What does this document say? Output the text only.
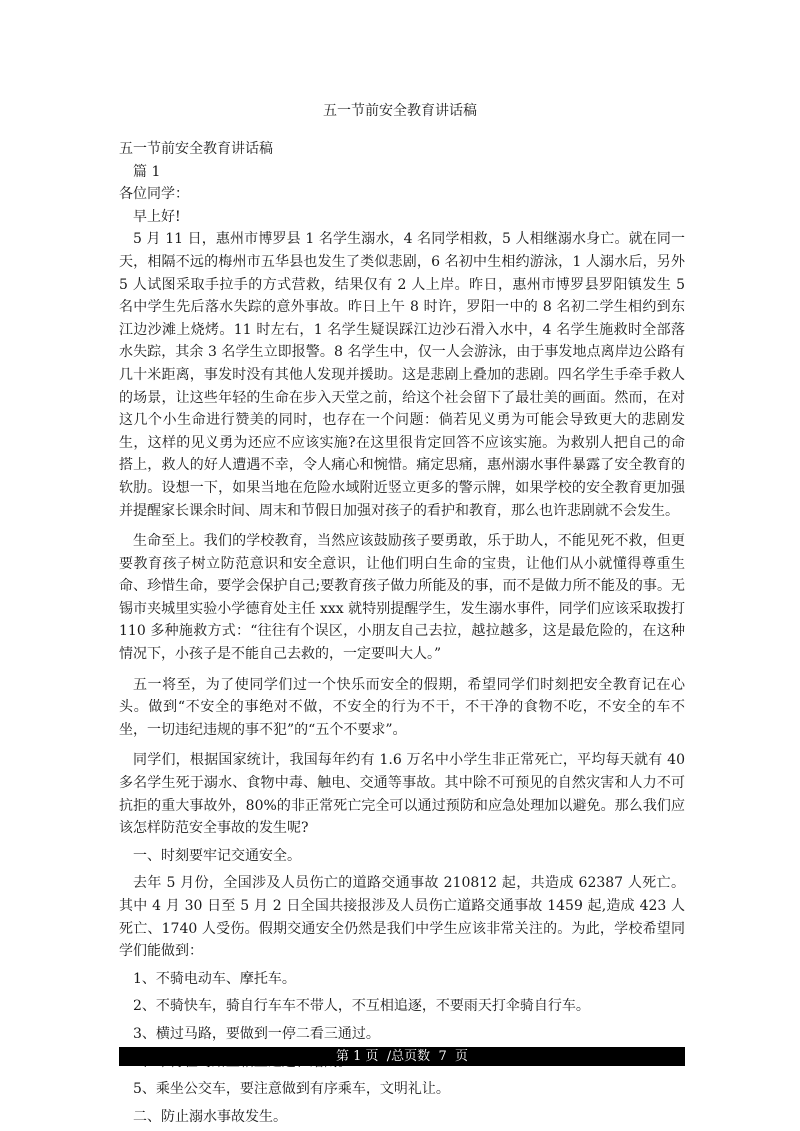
五一节前安全教育讲话稿

五一节前安全教育讲话稿

篇 1

各位同学：

早上好!

5 月 11 日，惠州市博罗县 1 名学生溺水，4 名同学相救，5 人相继溺水身亡。就在同一天，相隔不远的梅州市五华县也发生了类似悲剧，6 名初中生相约游泳，1 人溺水后，另外 5 人试图采取手拉手的方式营救，结果仅有 2 人上岸。昨日，惠州市博罗县罗阳镇发生 5 名中学生先后落水失踪的意外事故。昨日上午 8 时许，罗阳一中的 8 名初二学生相约到东江边沙滩上烧烤。11 时左右，1 名学生疑误踩江边沙石滑入水中，4 名学生施救时全部落水失踪，其余 3 名学生立即报警。8 名学生中，仅一人会游泳，由于事发地点离岸边公路有几十米距离，事发时没有其他人发现并援助。这是悲剧上叠加的悲剧。四名学生手牵手救人的场景，让这些年轻的生命在步入天堂之前，给这个社会留下了最壮美的画面。然而，在对这几个小生命进行赞美的同时，也存在一个问题：倘若见义勇为可能会导致更大的悲剧发生，这样的见义勇为还应不应该实施?在这里很肯定回答不应该实施。为救别人把自己的命搭上，救人的好人遭遇不幸，令人痛心和惋惜。痛定思痛，惠州溺水事件暴露了安全教育的软肋。设想一下，如果当地在危险水域附近竖立更多的警示牌，如果学校的安全教育更加强并提醒家长课余时间、周末和节假日加强对孩子的看护和教育，那么也许悲剧就不会发生。

生命至上。我们的学校教育，当然应该鼓励孩子要勇敢，乐于助人，不能见死不救，但更要教育孩子树立防范意识和安全意识，让他们明白生命的宝贵，让他们从小就懂得尊重生命、珍惜生命，要学会保护自己;要教育孩子做力所能及的事，而不是做力所不能及的事。无锡市夹城里实验小学德育处主任 xxx 就特别提醒学生，发生溺水事件，同学们应该采取拨打 110 多种施救方式：“往往有个误区，小朋友自己去拉，越拉越多，这是最危险的，在这种情况下，小孩子是不能自己去救的，一定要叫大人。”

五一将至，为了使同学们过一个快乐而安全的假期，希望同学们时刻把安全教育记在心头。做到“不安全的事绝对不做，不安全的行为不干，不干净的食物不吃，不安全的车不坐，一切违纪违规的事不犯”的“五个不要求”。

同学们，根据国家统计，我国每年约有 1.6 万名中小学生非正常死亡，平均每天就有 40 多名学生死于溺水、食物中毒、触电、交通等事故。其中除不可预见的自然灾害和人力不可抗拒的重大事故外，80%的非正常死亡完全可以通过预防和应急处理加以避免。那么我们应该怎样防范安全事故的发生呢?

一、时刻要牢记交通安全。

去年 5 月份，全国涉及人员伤亡的道路交通事故 210812 起，共造成 62387 人死亡。其中 4 月 30 日至 5 月 2 日全国共接报涉及人员伤亡道路交通事故 1459 起,造成 423 人死亡、1740 人受伤。假期交通安全仍然是我们中学生应该非常关注的。为此，学校希望同学们能做到：

1、不骑电动车、摩托车。

2、不骑快车，骑自行车车不带人，不互相追逐，不要雨天打伞骑自行车。

3、横过马路，要做到一停二看三通过。

5、乘坐公交车，要注意做到有序乘车，文明礼让。

二、防止溺水事故发生。

第 1 页  /总页数  7  页
